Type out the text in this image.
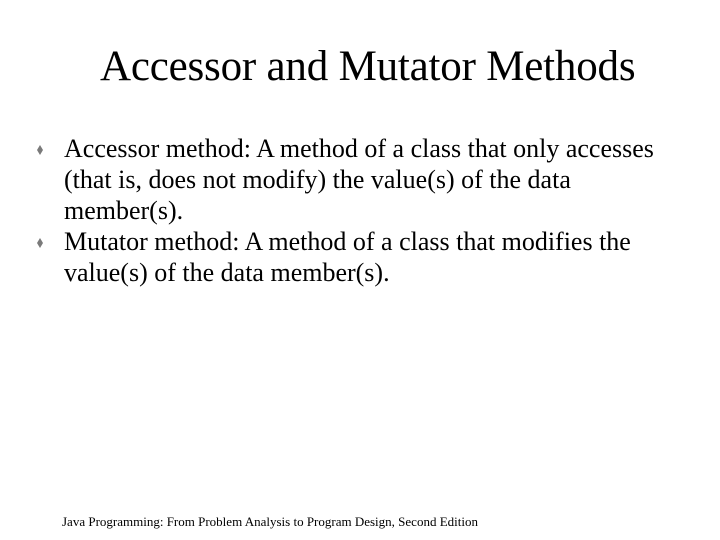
Accessor and Mutator Methods
Accessor method: A method of a class that only accesses (that is, does not modify) the value(s) of the data member(s).
Mutator method: A method of a class that modifies the value(s) of the data member(s).
Java Programming: From Problem Analysis to Program Design, Second Edition
